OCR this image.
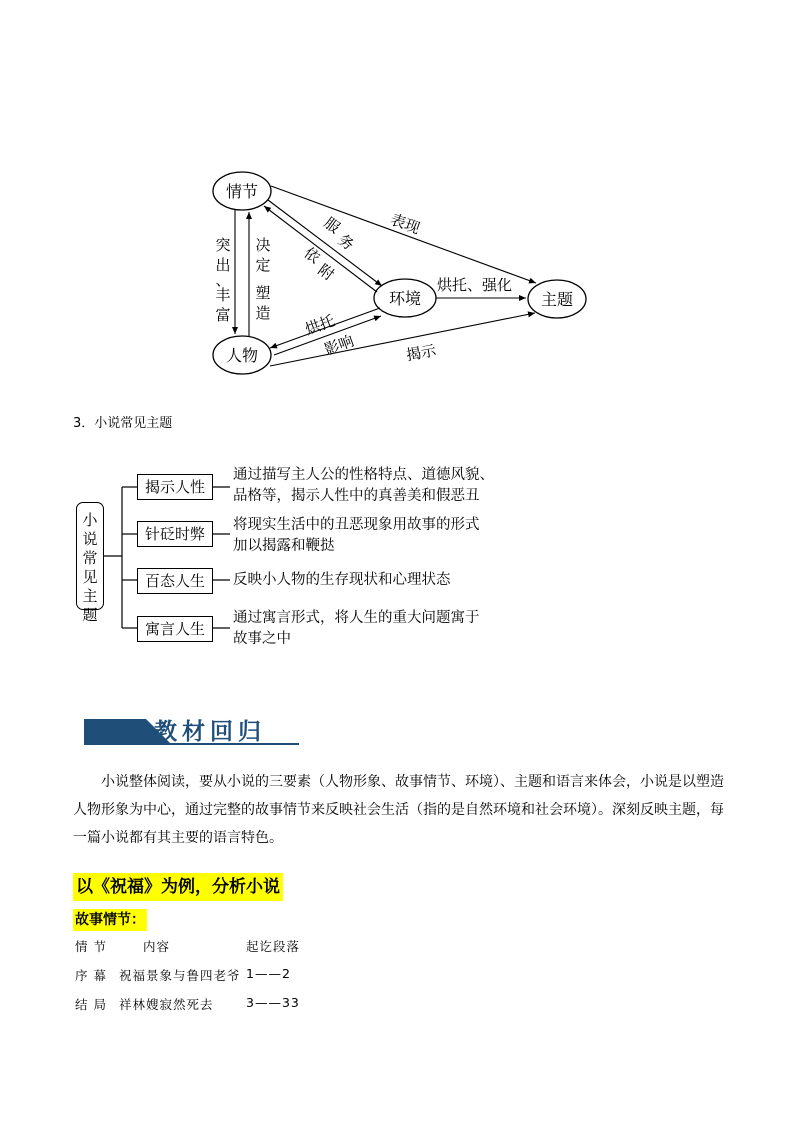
情节
人物
环境	主题
表现
依
附
服
务
突
出
、
丰
富
决
定
塑
造 烘托
影响
烘托、强化
揭示
3．小说常见主题
小
说
常
见
主
题
揭示人性
通过描写主人公的性格特点、道德风貌、
品格等，揭示人性中的真善美和假恶丑
针砭时弊	将现实生活中的丑恶现象用故事的形式
加以揭露和鞭挞
百态人生	反映小人物的生存现状和心理状态
寓言人生
通过寓言形式，将人生的重大问题寓于
故事之中
教材回归
小说整体阅读，要从小说的三要素（人物形象、故事情节、环境）、主题和语言来体会，小说是以塑造
人物形象为中心，通过完整的故事情节来反映社会生活（指的是自然环境和社会环境）。深刻反映主题，每
一篇小说都有其主要的语言特色。
以《祝福》为例，分析小说
故事情节：
情 节	内容	起讫段落
序 幕 祝福景象与鲁四老爷 1——2
结 局 祥林嫂寂然死去	3——33
